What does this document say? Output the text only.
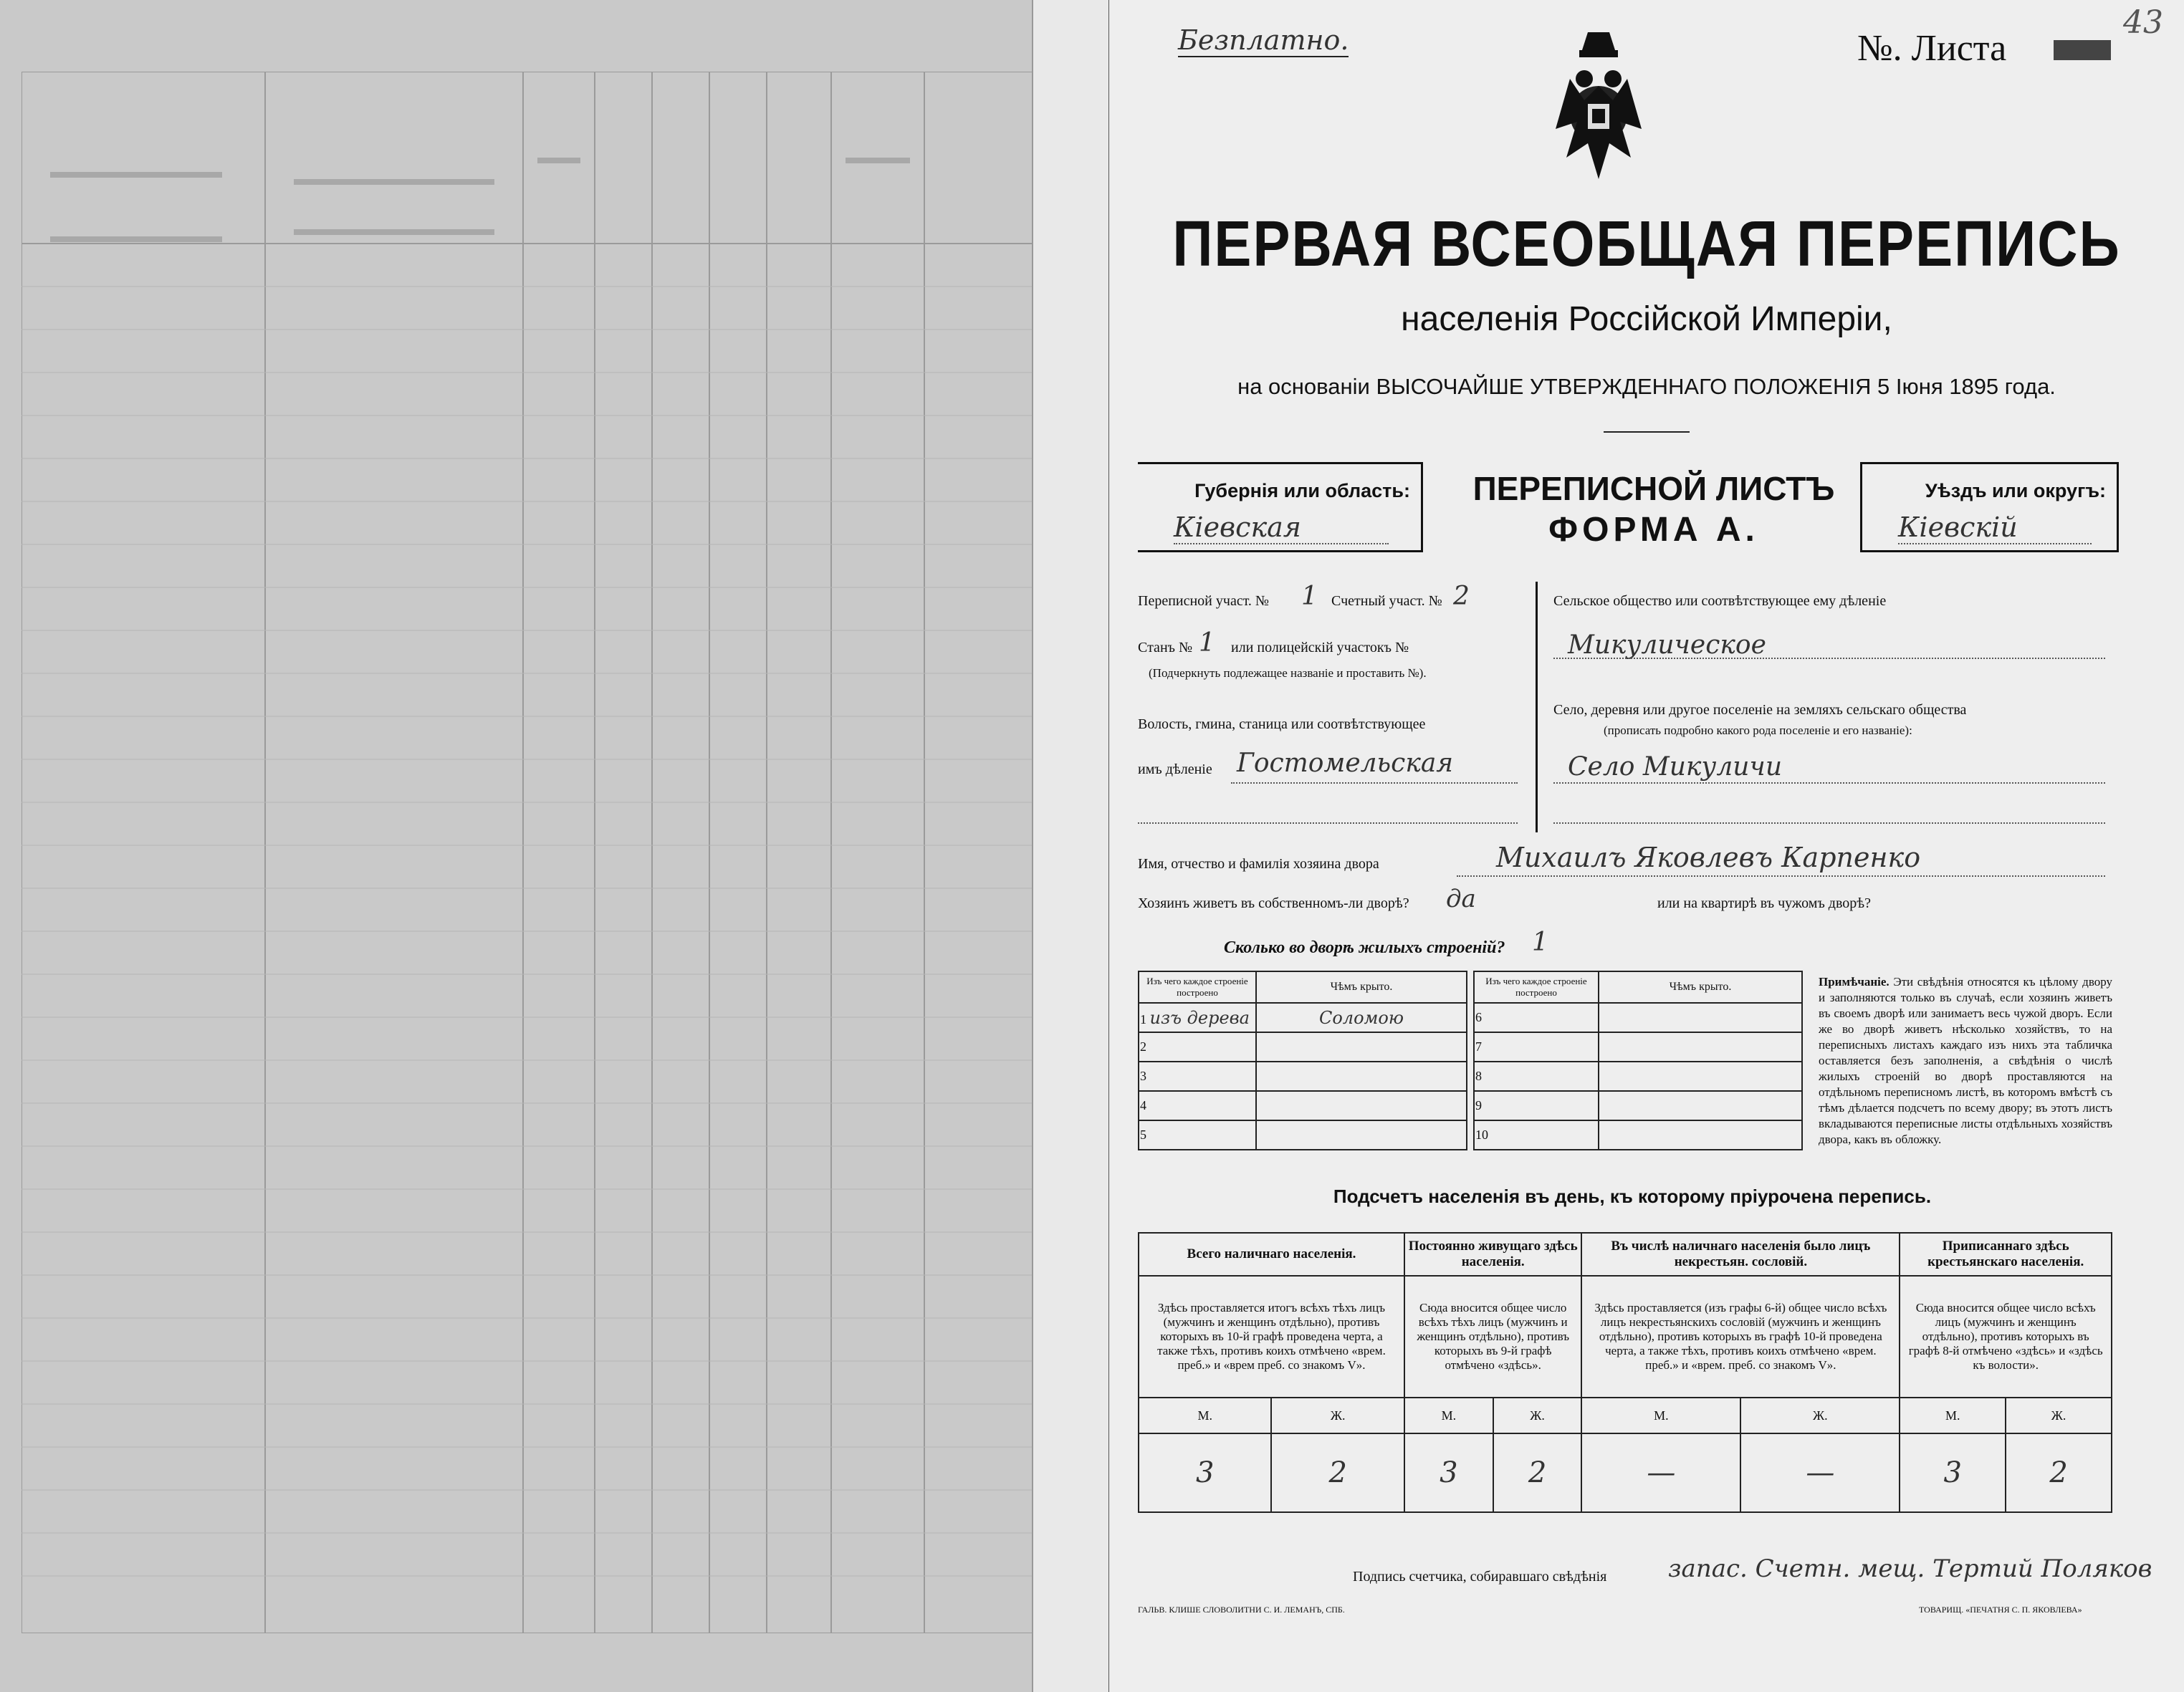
Безплатно.	№. Листа
43
ПЕРВАЯ ВСЕОБЩАЯ ПЕРЕПИСЬ
населенія Россійской Имперіи,
на основаніи ВЫСОЧАЙШЕ УТВЕРЖДЕННАГО ПОЛОЖЕНІЯ 5 Іюня 1895 года.
Губернія или область:
Кіевская
ПЕРЕПИСНОЙ ЛИСТЪ
ФОРМА А.
Уѣздъ или округъ:
Кіевскій
Переписной участ. № 1 Счетный участ. № 2
Станъ № 1 или полицейскій участокъ №
(Подчеркнуть подлежащее названіе и проставить №).
Волость, гмина, станица или соотвѣтствующее
имъ дѣленіе Гостомельская
Сельское общество или соотвѣтствующее ему дѣленіе
Микулическое
Село, деревня или другое поселеніе на земляхъ сельскаго общества
(прописать подробно какого рода поселеніе и его названіе):
Село Микуличи
Имя, отчество и фамилія хозяина двора	Михаилъ Яковлевъ Карпенко
Хозяинъ живетъ въ собственномъ-ли дворѣ? да	или на квартирѣ въ чужомъ дворѣ?
Сколько во дворѣ жилыхъ строеній? 1
Изъ чего каждое строеніе построено	Чѣмъ крыто.
1 изъ дерева	Соломою
2	
3	
4	
5	
Изъ чего каждое строеніе построено	Чѣмъ крыто.
6	
7	
8	
9	
10	
Примѣчаніе. Эти свѣдѣнія относятся къ цѣлому двору и заполняются только въ случаѣ, если хозяинъ живетъ въ своемъ дворѣ или занимаетъ весь чужой дворъ. Если же во дворѣ живетъ нѣсколько хозяйствъ, то на переписныхъ листахъ каждаго изъ нихъ эта табличка оставляется безъ заполненія, а свѣдѣнія о числѣ жилыхъ строеній во дворѣ проставляются на отдѣльномъ переписномъ листѣ, въ которомъ вмѣстѣ съ тѣмъ дѣлается подсчетъ по всему двору; въ этотъ листъ вкладываются переписные листы отдѣльныхъ хозяйствъ двора, какъ въ обложку.
Подсчетъ населенія въ день, къ которому пріурочена перепись.
Всего наличнаго населенія.		Постоянно живущаго здѣсь населенія.		Въ числѣ наличнаго населенія было лицъ некрестьян. сословій.		Приписаннаго здѣсь крестьянскаго населенія.	
Здѣсь проставляется итогъ всѣхъ тѣхъ лицъ (мужчинъ и женщинъ отдѣльно), противъ которыхъ въ 10-й графѣ проведена черта, а также тѣхъ, противъ коихъ отмѣчено «врем. преб.» и «врем преб. со знакомъ V».		Сюда вносится общее число всѣхъ тѣхъ лицъ (мужчинъ и женщинъ отдѣльно), противъ которыхъ въ 9-й графѣ отмѣчено «здѣсь».		Здѣсь проставляется (изъ графы 6-й) общее число всѣхъ лицъ некрестьянскихъ сословій (мужчинъ и женщинъ отдѣльно), противъ которыхъ въ графѣ 10-й проведена черта, а также тѣхъ, противъ коихъ отмѣчено «врем. преб.» и «врем. преб. со знакомъ V».		Сюда вносится общее число всѣхъ лицъ (мужчинъ и женщинъ отдѣльно), противъ которыхъ въ графѣ 8-й отмѣчено «здѣсь» и «здѣсь къ волости».	
М.	Ж.	М.	Ж.	М.	Ж.	М.	Ж.
3	2	3	2	—	—	3	2
Подпись счетчика, собиравшаго свѣдѣнія	запас. Счетн. мещ. Тертий Поляков
ГАЛЬВ. КЛИШЕ СЛОВОЛИТНИ С. И. ЛЕМАНЪ, СПБ.	ТОВАРИЩ. «ПЕЧАТНЯ С. П. ЯКОВЛЕВА»
